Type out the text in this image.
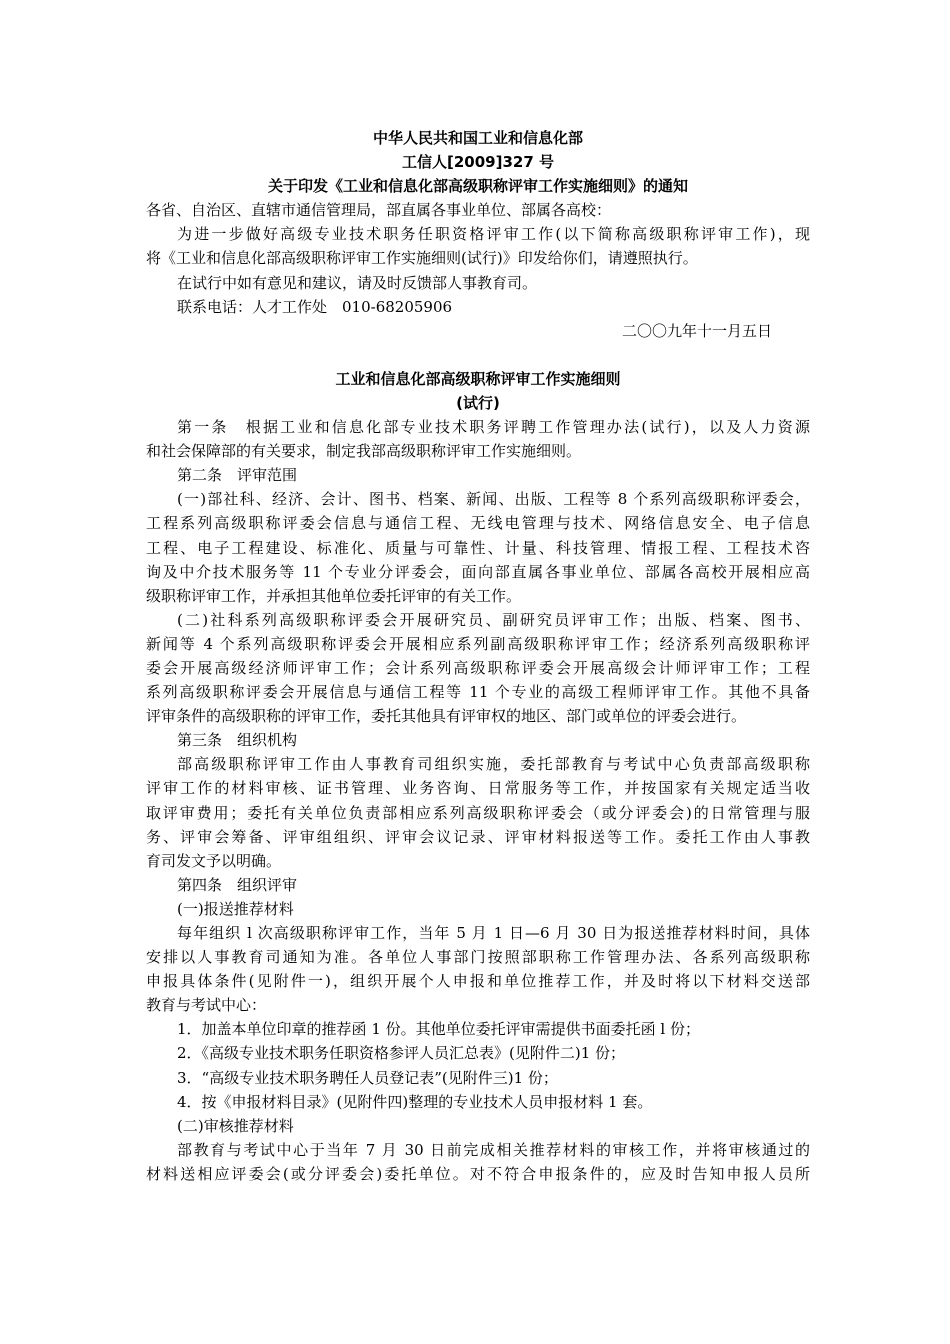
中华人民共和国工业和信息化部
工信人[2009]327 号
关于印发《工业和信息化部高级职称评审工作实施细则》的通知
各省、自治区、直辖市通信管理局，部直属各事业单位、部属各高校：
为进一步做好高级专业技术职务任职资格评审工作(以下简称高级职称评审工作)，现
将《工业和信息化部高级职称评审工作实施细则(试行)》印发给你们，请遵照执行。
在试行中如有意见和建议，请及时反馈部人事教育司。
联系电话：人才工作处　010-68205906
二〇〇九年十一月五日
工业和信息化部高级职称评审工作实施细则
(试行)
第一条　根据工业和信息化部专业技术职务评聘工作管理办法(试行)，以及人力资源
和社会保障部的有关要求，制定我部高级职称评审工作实施细则。
第二条　评审范围
(一)部社科、经济、会计、图书、档案、新闻、出版、工程等 8 个系列高级职称评委会，
工程系列高级职称评委会信息与通信工程、无线电管理与技术、网络信息安全、电子信息
工程、电子工程建设、标准化、质量与可靠性、计量、科技管理、情报工程、工程技术咨
询及中介技术服务等 11 个专业分评委会，面向部直属各事业单位、部属各高校开展相应高
级职称评审工作，并承担其他单位委托评审的有关工作。
(二)社科系列高级职称评委会开展研究员、副研究员评审工作；出版、档案、图书、
新闻等 4 个系列高级职称评委会开展相应系列副高级职称评审工作；经济系列高级职称评
委会开展高级经济师评审工作；会计系列高级职称评委会开展高级会计师评审工作；工程
系列高级职称评委会开展信息与通信工程等 11 个专业的高级工程师评审工作。其他不具备
评审条件的高级职称的评审工作，委托其他具有评审权的地区、部门或单位的评委会进行。
第三条　组织机构
部高级职称评审工作由人事教育司组织实施，委托部教育与考试中心负责部高级职称
评审工作的材料审核、证书管理、业务咨询、日常服务等工作，并按国家有关规定适当收
取评审费用；委托有关单位负责部相应系列高级职称评委会（或分评委会)的日常管理与服
务、评审会筹备、评审组组织、评审会议记录、评审材料报送等工作。委托工作由人事教
育司发文予以明确。
第四条　组织评审
(一)报送推荐材料
每年组织 l 次高级职称评审工作，当年 5 月 1 日—6 月 30 日为报送推荐材料时间，具体
安排以人事教育司通知为准。各单位人事部门按照部职称工作管理办法、各系列高级职称
申报具体条件(见附件一)，组织开展个人申报和单位推荐工作，并及时将以下材料交送部
教育与考试中心：
1．加盖本单位印章的推荐函 1 份。其他单位委托评审需提供书面委托函 l 份；
2．《高级专业技术职务任职资格参评人员汇总表》(见附件二)1 份；
3．“高级专业技术职务聘任人员登记表”(见附件三)1 份；
4．按《申报材料目录》(见附件四)整理的专业技术人员申报材料 1 套。
(二)审核推荐材料
部教育与考试中心于当年 7 月 30 日前完成相关推荐材料的审核工作，并将审核通过的
材料送相应评委会(或分评委会)委托单位。对不符合申报条件的，应及时告知申报人员所
